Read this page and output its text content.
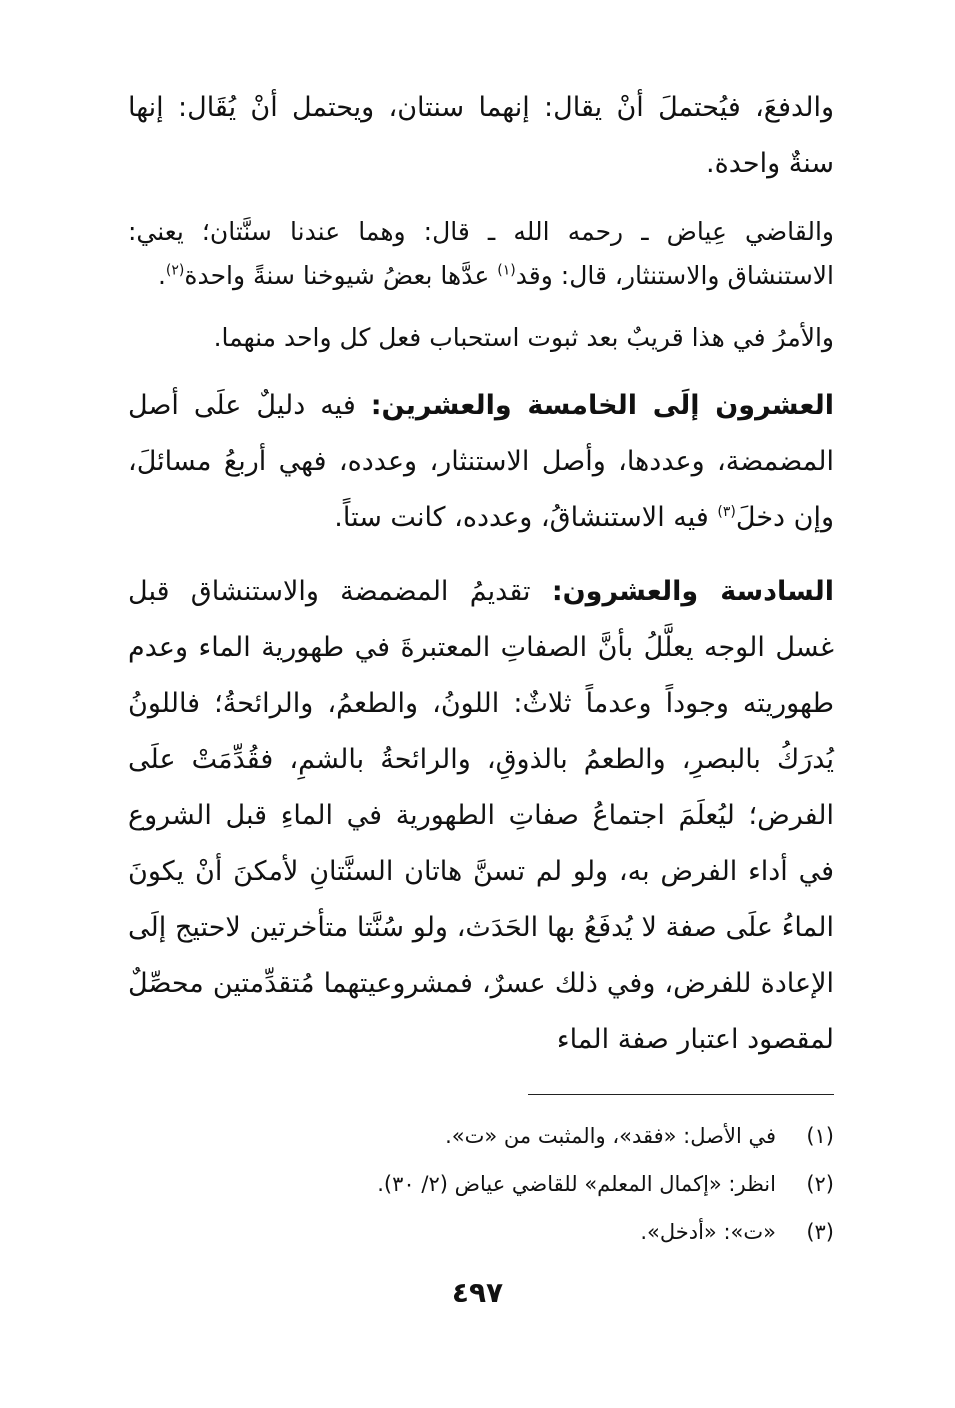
والدفعَ، فيُحتملَ أنْ يقال: إنهما سنتان، ويحتمل أنْ يُقَال: إنها سنةٌ واحدة.

والقاضي عِياض ـ رحمه الله ـ قال: وهما عندنا سنَّتان؛ يعني: الاستنشاق والاستنثار، قال: وقد$^{(١)}$ عدَّها بعضُ شيوخنا سنةً واحدة$^{(٢)}$.

والأمرُ في هذا قريبٌ بعد ثبوت استحباب فعل كل واحد منهما.

العشرون إلَى الخامسة والعشرين: فيه دليلٌ علَى أصل المضمضة، وعددها، وأصل الاستنثار، وعدده، فهي أربعُ مسائلَ، وإن دخلَ$^{(٣)}$ فيه الاستنشاقُ، وعدده، كانت ستاً.

السادسة والعشرون: تقديمُ المضمضة والاستنشاق قبل غسل الوجه يعلَّلُ بأنَّ الصفاتِ المعتبرةَ في طهورية الماء وعدم طهوريته وجوداً وعدماً ثلاثٌ: اللونُ، والطعمُ، والرائحةُ؛ فاللونُ يُدرَكُ بالبصرِ، والطعمُ بالذوقِ، والرائحةُ بالشمِ، فقُدِّمَتْ علَى الفرض؛ ليُعلَمَ اجتماعُ صفاتِ الطهورية في الماءِ قبل الشروع في أداء الفرض به، ولو لم تسنَّ هاتان السنَّتانِ لأمكنَ أنْ يكونَ الماءُ علَى صفة لا يُدفَعُ بها الحَدَث، ولو سُنَّتا متأخرتين لاحتيج إلَى الإعادة للفرض، وفي ذلك عسرٌ، فمشروعيتهما مُتقدِّمتين محصِّلٌ لمقصود اعتبار صفة الماء

(١)في الأصل: «فقد»، والمثبت من «ت».

(٢)انظر: «إكمال المعلم» للقاضي عياض (٢/ ٣٠).

(٣)«ت»: «أدخل».

٤٩٧
